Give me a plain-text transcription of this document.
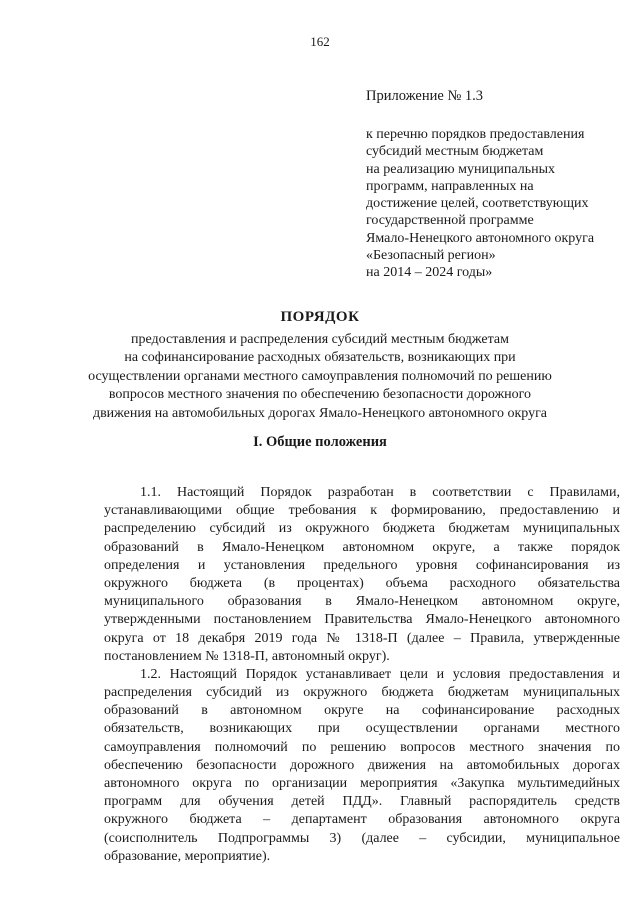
162
Приложение № 1.3
к перечню порядков предоставления
субсидий местным бюджетам
на реализацию муниципальных
программ, направленных на
достижение целей, соответствующих
государственной программе
Ямало-Ненецкого автономного округа
«Безопасный регион»
на 2014 – 2024 годы»
ПОРЯДОК
предоставления и распределения субсидий местным бюджетам
на софинансирование расходных обязательств, возникающих при
осуществлении органами местного самоуправления полномочий по решению
вопросов местного значения по обеспечению безопасности дорожного
движения на автомобильных дорогах Ямало-Ненецкого автономного округа
I. Общие положения
1.1. Настоящий Порядок разработан в соответствии с Правилами,
устанавливающими общие требования к формированию, предоставлению и
распределению субсидий из окружного бюджета бюджетам муниципальных
образований в Ямало-Ненецком автономном округе, а также порядок
определения и установления предельного уровня софинансирования из
окружного бюджета (в процентах) объема расходного обязательства
муниципального образования в Ямало-Ненецком автономном округе,
утвержденными постановлением Правительства Ямало-Ненецкого автономного
округа от 18 декабря 2019 года № 1318-П (далее – Правила, утвержденные
постановлением № 1318-П, автономный округ).
1.2. Настоящий Порядок устанавливает цели и условия предоставления и
распределения субсидий из окружного бюджета бюджетам муниципальных
образований в автономном округе на софинансирование расходных
обязательств, возникающих при осуществлении органами местного
самоуправления полномочий по решению вопросов местного значения по
обеспечению безопасности дорожного движения на автомобильных дорогах
автономного округа по организации мероприятия «Закупка мультимедийных
программ для обучения детей ПДД». Главный распорядитель средств
окружного бюджета – департамент образования автономного округа
(соисполнитель Подпрограммы 3) (далее – субсидии, муниципальное
образование, мероприятие).
